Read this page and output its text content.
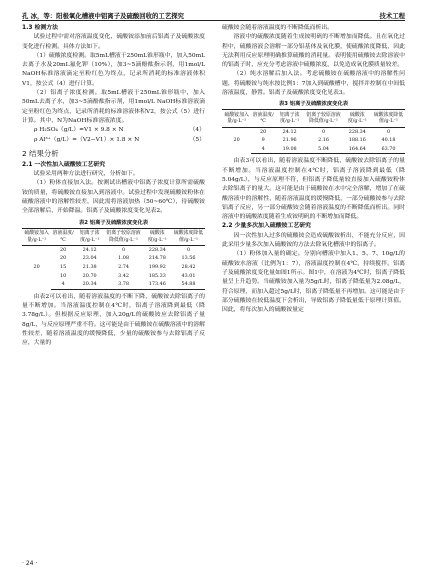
孔 冰，等：阳极氧化槽液中铝离子及硫酸回收的工艺探究	技术工程
1.3 检测方法

试验过程中需对溶液温度变化、硫酸铵添加前后铝离子及硫酸浓度变化进行检测。具体方法如下。

（1）硫酸浓度检测。取5mL槽液于250mL锥形瓶中，加入50mL去离子水及20mL氟化钾（10%），加3~5滴酚酞指示剂，用1mol/L NaOH标准溶液滴定至粉红色为终点，记录所消耗的标准溶液体积V1，按公式（4）进行计算。

（2）铝离子浓度检测。取5mL槽液于250mL锥形瓶中，加入50mL去离子水，加3~5滴酚酞指示剂，用1mol/L NaOH标准溶液滴定至粉红色为终点，记录所消耗的标准溶液体积V2，按公式（5）进行计算。其中，N为NaOH标准溶液浓度。

ρ H₂SO₄（g/L）=V1 × 9.8 × N	（4）
ρ Al³⁺（g/L）=（V2−V1）× 1.8 × N	（5）
2 结果分析
2.1 一次性加入硫酸铵工艺研究

试验采用两种方法进行研究，分析如下。

（1）粉体直接加入法。按测试出槽液中铝离子浓度计算所需硫酸铵的质量，将硫酸铵直接加入到溶液中。试验过程中发现硫酸铵粉体在硫酸溶液中的溶解性较差，因此需将溶液加热（50~60℃），待硫酸铵全部溶解后，开始降温。铝离子及硫酸浓度变化见表2。

表2 铝离子及硫酸浓度变化表
硫酸铵加入量/g·L⁻¹	溶液温度/℃	铝离子浓度/g·L⁻¹	铝离子较原溶液降低值/g·L⁻¹	硫酸浓度/g·L⁻¹	硫酸浓度降低值/g·L⁻¹
20	20	24.12	0	228.34	0
	20	23.04	1.08	214.78	13.56
	15	21.38	2.74	199.92	28.42
	10	20.70	3.42	185.33	43.01
	4	20.34	3.78	173.46	54.88

由表2可以看出，随着溶液温度的不断下降，硫酸铵去除铝离子的量不断增加。当溶液温度控制在4℃时，铝离子溶液降到最低（降3.78g/L）。但根据反应原理，加入20g/L的硫酸铵应去除铝离子量8g/L，与反应原理严重不符。这可能是由于硫酸铵在硫酸溶液中的溶解性较差，随着溶液温度的缓慢降低，少量的硫酸铵参与去除铝离子反应，大量的

硫酸铵会随着溶液温度的不断降低而析出。

溶液中的硫酸浓度随着生成铵明矾的不断增加而降低。且在氧化过程中，硫酸溶液会溶解一部分铝基体及氧化膜，使硫酸浓度降低，因此无法利用反应原理明确推算硫酸的消耗量。表明使用硫酸铵去除溶液中的铝离子时，应充分考虑溶液中硫酸浓度，以免造成氧化膜质量较差。

（2）纯水溶解后加入法。考虑硫酸铵在硫酸溶液中的溶解性问题，将硫酸铵与纯水按比例1：7加入到硫酸槽中，搅拌并控制在中间低溶液温度，静置。铝离子及硫酸浓度变化见表3。

表3 铝离子及硫酸浓度变化表
硫酸铵加入量/g·L⁻¹	溶液温度/℃	铝离子浓度/g·L⁻¹	铝离子较原溶液降低值/g·L⁻¹	硫酸浓度/g·L⁻¹	硫酸浓度降低值/g·L⁻¹
20	20	24.12	0	228.34	0
	9	21.96	2.16	188.16	40.18
	4	19.08	5.04	164.64	63.70

由表3可以看出，随着溶液温度不断降低，硫酸铵去除铝离子的量不断增加。当溶液温度控制在4℃时，铝离子溶液降到最低（降5.04g/L），与反应原理不符，但铝离子降低量较直接加入硫酸铵粉体去除铝离子的量大。这可能是由于硫酸铵在水中完全溶解，增加了在硫酸溶液中的溶解性，随着溶液温度的缓慢降低，一部分硫酸铵参与去除铝离子反应，另一部分硫酸铵会随着溶液温度的不断降低而析出。同时溶液中的硫酸浓度随着生成铵明矾的不断增加而降低。

2.2 少量多次加入硫酸铵工艺研究

因一次性加入过多的硫酸铵会造成硫酸铵析出，不能充分反应，因此采用少量多次加入硫酸铵的方法去除氧化槽液中的铝离子。

（1）粉体加入量的确定。分别向槽液中加入1、5、7、10g/L的硫酸铵水溶液（比例为1：7），溶液温度控制在4℃，持续搅拌。铝离子及硫酸浓度变化量如图1所示。图1中，在溶液为4℃时，铝离子降低量呈上升趋势。当硫酸铵加入量为5g/L时，铝离子降低量为2.08g/L，符合原理，而加入超过5g/L时，铝离子降低量不再增加。这可能是由于部分硫酸铵在较低温度下会析出，导致铝离子降低量低于原理计算值。因此，将每次加入的硫酸铵量定

· 24 ·
